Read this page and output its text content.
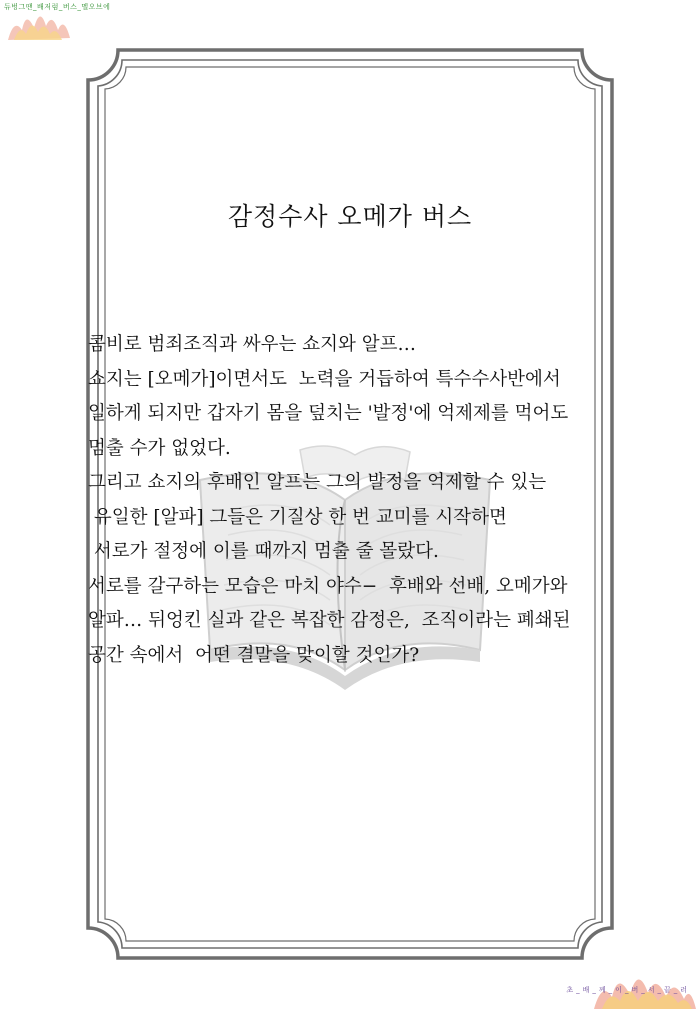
듀벙그땐_배저럼_버스_멜오브에
감정수사 오메가 버스
콤비로 범죄조직과 싸우는 쇼지와 알프…
쇼지는 [오메가]이면서도  노력을 거듭하여 특수수사반에서
일하게 되지만 갑자기 몸을 덮치는 '발정'에 억제제를 먹어도
멈출 수가 없었다.
그리고 쇼지의 후배인 알프는 그의 발정을 억제할 수 있는
유일한 [알파] 그들은 기질상 한 번 교미를 시작하면
서로가 절정에 이를 때까지 멈출 줄 몰랐다.
서로를 갈구하는 모습은 마치 야수−  후배와 선배, 오메가와
알파… 뒤엉킨 실과 같은 복잡한 감정은,  조직이라는 폐쇄된
공간 속에서  어떤 결말을 맞이할 것인가?
초_배_께_이_버_서_끝_러
